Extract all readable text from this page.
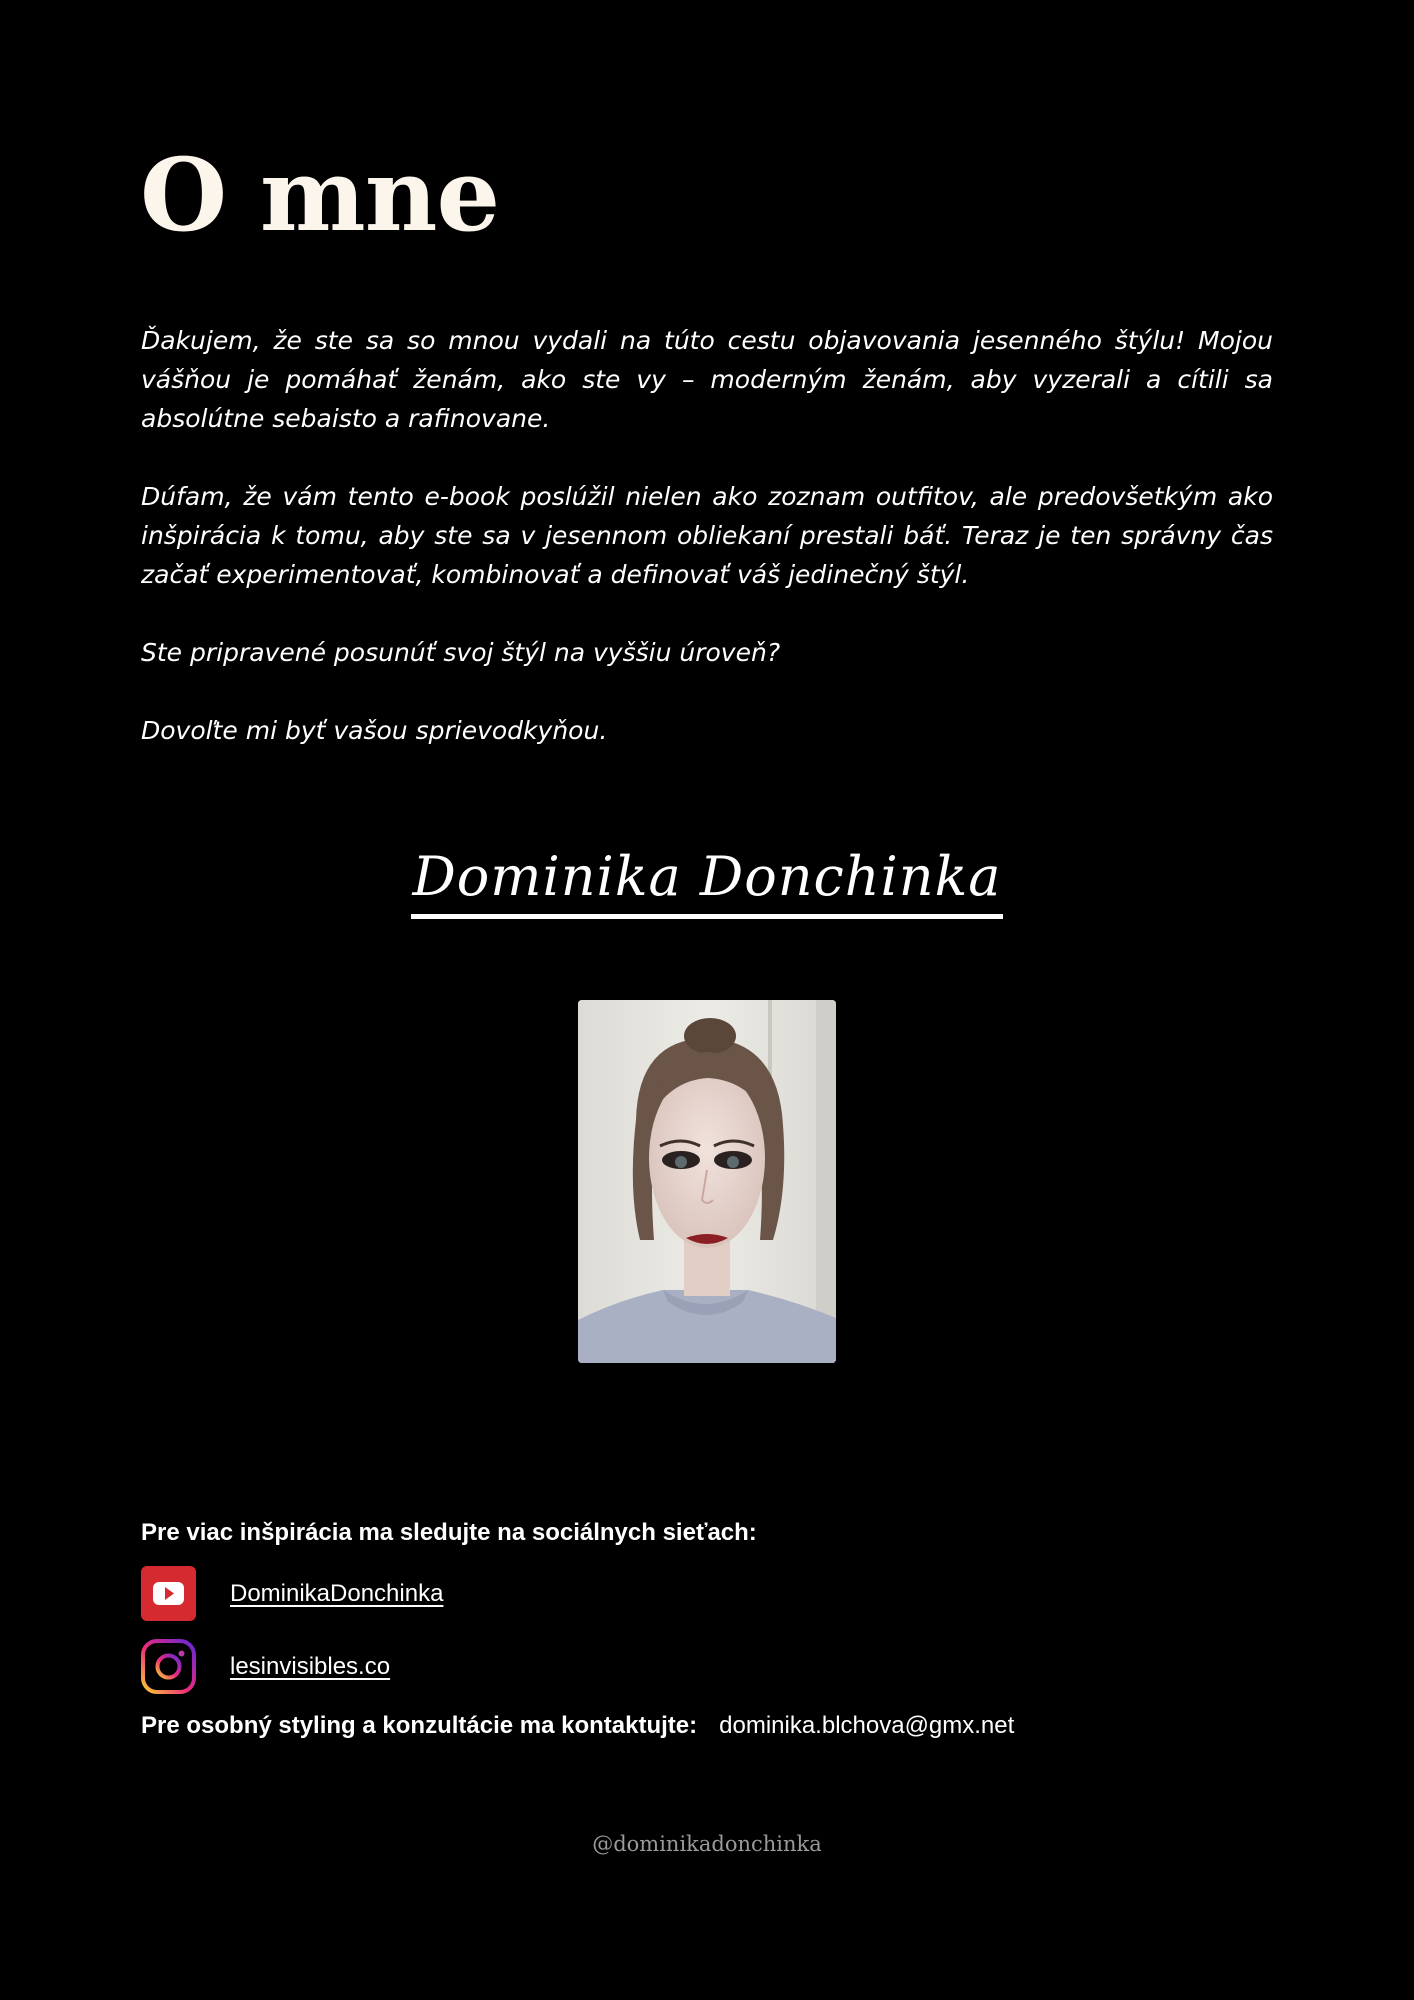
O mne

Ďakujem, že ste sa so mnou vydali na túto cestu objavovania jesenného štýlu! Mojou vášňou je pomáhať ženám, ako ste vy – moderným ženám, aby vyzerali a cítili sa absolútne sebaisto a rafinovane.

Dúfam, že vám tento e-book poslúžil nielen ako zoznam outfitov, ale predovšetkým ako inšpirácia k tomu, aby ste sa v jesennom obliekaní prestali báť. Teraz je ten správny čas začať experimentovať, kombinovať a definovať váš jedinečný štýl.

Ste pripravené posunúť svoj štýl na vyššiu úroveň?

Dovoľte mi byť vašou sprievodkyňou.

Dominika Donchinka

Pre viac inšpirácia ma sledujte na sociálnych sieťach:

DominikaDonchinka
lesinvisibles.co
Pre osobný styling a konzultácie ma kontaktujte: dominika.blchova@gmx.net
@dominikadonchinka
